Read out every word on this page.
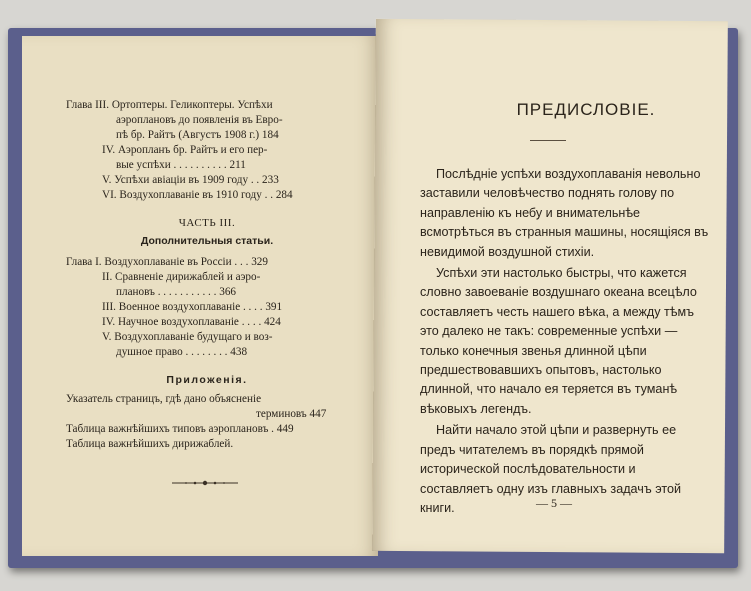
Глава III. Ортоптеры. Геликоптеры. Успѣхи
аэроплановъ до появленія въ Евро-
пѣ бр. Райтъ (Августъ 1908 г.) 184
IV. Аэропланъ бр. Райтъ и его пер-
вые успѣхи . . . . . . . . . . 211
V. Успѣхи авіаціи въ 1909 году . . 233
VI. Воздухоплаваніе въ 1910 году . . 284
ЧАСТЬ III.
Дополнительныя статьи.
Глава I. Воздухоплаваніе въ Россіи . . . 329
II. Сравненіе дирижаблей и аэро-
плановъ . . . . . . . . . . . 366
III. Военное воздухоплаваніе . . . . 391
IV. Научное воздухоплаваніе . . . . 424
V. Воздухоплаваніе будущаго и воз-
душное право . . . . . . . . 438
Приложенія.
Указатель страницъ, гдѣ дано объясненіе
терминовъ 447
Таблица важнѣйшихъ типовъ аэроплановъ . 449
Таблица важнѣйшихъ дирижаблей.
ПРЕДИСЛОВІЕ.
Послѣдніе успѣхи воздухоплаванія невольно заставили человѣчество поднять голову по направленію къ небу и внимательнѣе всмотрѣться въ странныя машины, носящіяся въ невидимой воздушной стихіи.
Успѣхи эти настолько быстры, что кажется словно завоеваніе воздушнаго океана всецѣло составляетъ честь нашего вѣка, а между тѣмъ это далеко не такъ: современные успѣхи — только конечныя звенья длинной цѣпи предшествовавшихъ опытовъ, настолько длинной, что начало ея теряется въ туманѣ вѣковыхъ легендъ.
Найти начало этой цѣпи и развернуть ее предъ читателемъ въ порядкѣ прямой исторической послѣдовательности и составляетъ одну изъ главныхъ задачъ этой книги.	— 5 —
